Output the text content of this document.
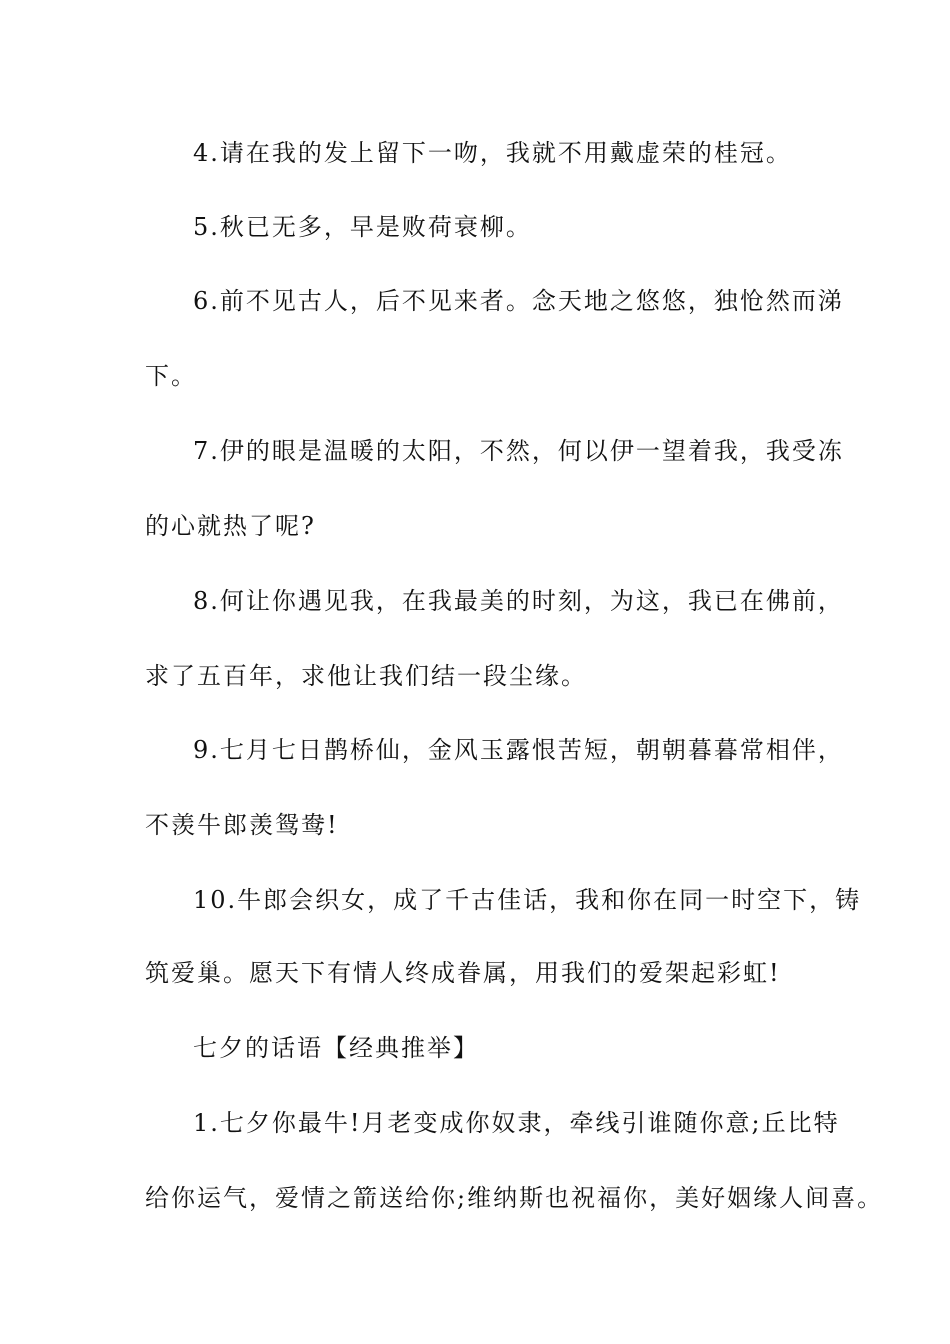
4.请在我的发上留下一吻，我就不用戴虚荣的桂冠。
5.秋已无多，早是败荷衰柳。
6.前不见古人，后不见来者。念天地之悠悠，独怆然而涕
下。
7.伊的眼是温暖的太阳，不然，何以伊一望着我，我受冻
的心就热了呢?
8.何让你遇见我，在我最美的时刻，为这，我已在佛前，
求了五百年，求他让我们结一段尘缘。
9.七月七日鹊桥仙，金风玉露恨苦短，朝朝暮暮常相伴，
不羡牛郎羡鸳鸯!
10.牛郎会织女，成了千古佳话，我和你在同一时空下，铸
筑爱巢。愿天下有情人终成眷属，用我们的爱架起彩虹!
七夕的话语【经典推举】
1.七夕你最牛!月老变成你奴隶，牵线引谁随你意;丘比特
给你运气，爱情之箭送给你;维纳斯也祝福你，美好姻缘人间喜。
